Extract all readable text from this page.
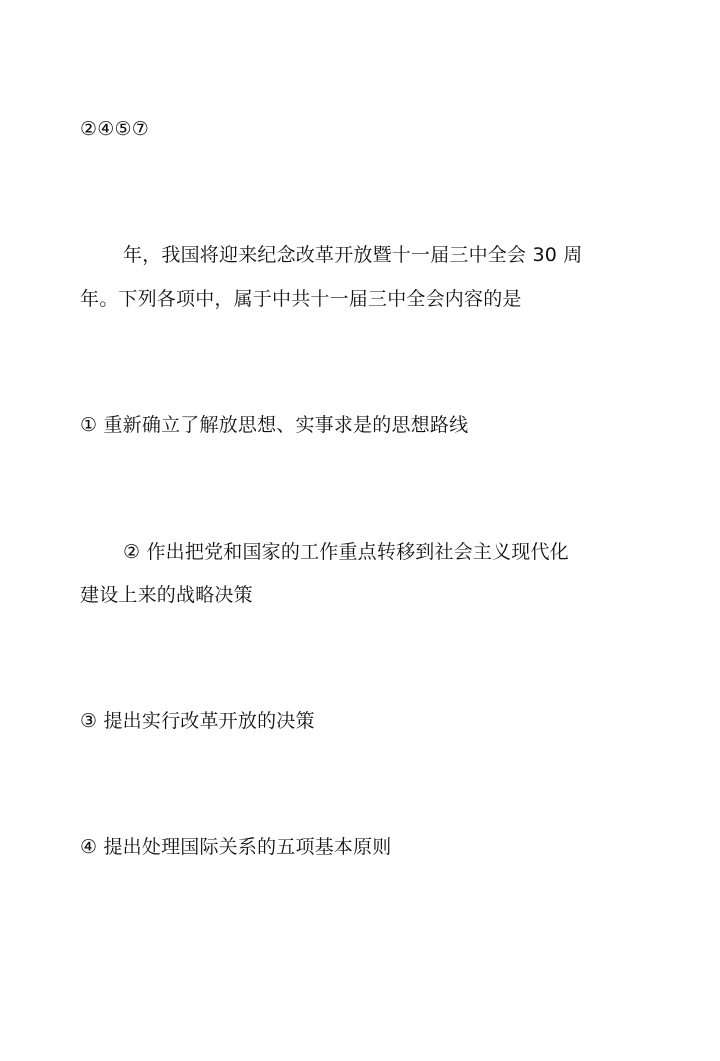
②④⑤⑦
年，我国将迎来纪念改革开放暨十一届三中全会 30 周
年。下列各项中，属于中共十一届三中全会内容的是
① 重新确立了解放思想、实事求是的思想路线
② 作出把党和国家的工作重点转移到社会主义现代化
建设上来的战略决策
③ 提出实行改革开放的决策
④ 提出处理国际关系的五项基本原则
